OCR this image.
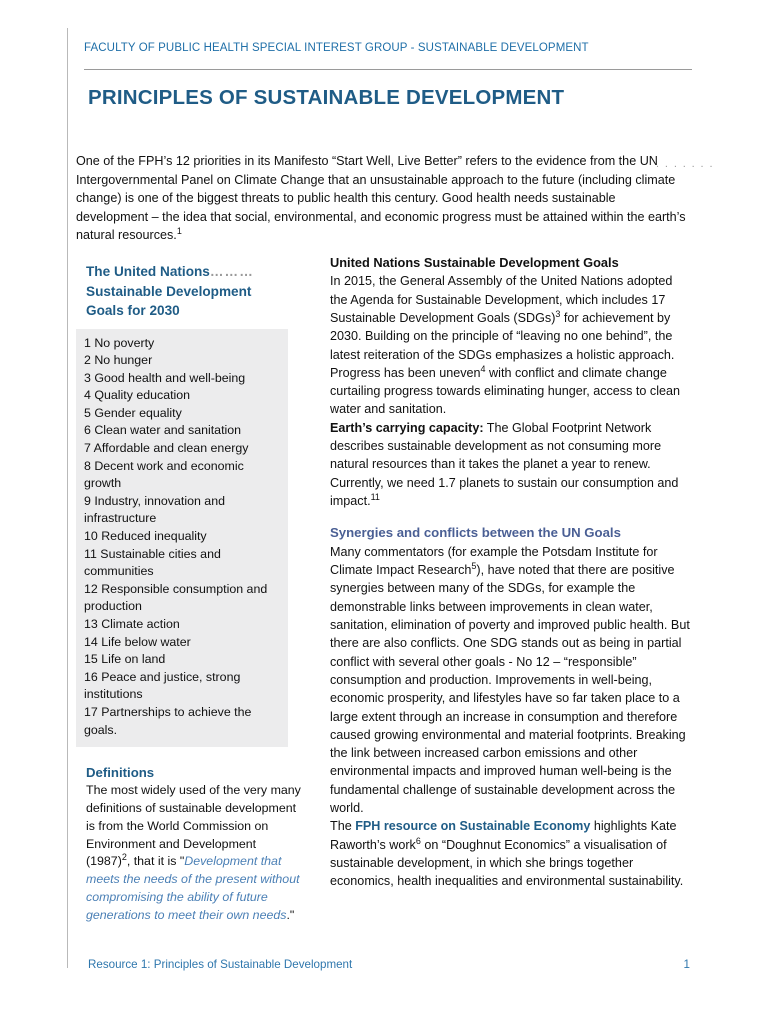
FACULTY OF PUBLIC HEALTH SPECIAL INTEREST GROUP - SUSTAINABLE DEVELOPMENT
PRINCIPLES OF SUSTAINABLE DEVELOPMENT
One of the FPH’s 12 priorities in its Manifesto “Start Well, Live Better” refers to the evidence from the UN Intergovernmental Panel on Climate Change that an unsustainable approach to the future (including climate change) is one of the biggest threats to public health this century. Good health needs sustainable development – the idea that social, environmental, and economic progress must be attained within the earth’s natural resources.$^1$
. . . . . . .
The United Nations………
Sustainable Development
Goals for 2030
1 No poverty
2 No hunger
3 Good health and well-being
4 Quality education
5 Gender equality
6 Clean water and sanitation
7 Affordable and clean energy
8 Decent work and economic growth
9 Industry, innovation and infrastructure
10 Reduced inequality
11 Sustainable cities and communities
12 Responsible consumption and production
13 Climate action
14 Life below water
15 Life on land
16 Peace and justice, strong institutions
17 Partnerships to achieve the goals.
Definitions
The most widely used of the very many definitions of sustainable development is from the World Commission on Environment and Development $(1987)^2$, that it is "Development that meets the needs of the present without compromising the ability of future generations to meet their own needs."
United Nations Sustainable Development Goals
In 2015, the General Assembly of the United Nations adopted the Agenda for Sustainable Development, which includes 17 Sustainable Development Goals (SDGs)$^3$ for achievement by 2030. Building on the principle of “leaving no one behind”, the latest reiteration of the SDGs emphasizes a holistic approach. Progress has been uneven$^4$ with conflict and climate change curtailing progress towards eliminating hunger, access to clean water and sanitation.
Earth’s carrying capacity: The Global Footprint Network describes sustainable development as not consuming more natural resources than it takes the planet a year to renew. Currently, we need 1.7 planets to sustain our consumption and impact.$^{11}$
Synergies and conflicts between the UN Goals
Many commentators (for example the Potsdam Institute for Climate Impact Research$^5$), have noted that there are positive synergies between many of the SDGs, for example the demonstrable links between improvements in clean water, sanitation, elimination of poverty and improved public health. But there are also conflicts. One SDG stands out as being in partial conflict with several other goals - No 12 – “responsible” consumption and production. Improvements in well-being, economic prosperity, and lifestyles have so far taken place to a large extent through an increase in consumption and therefore caused growing environmental and material footprints. Breaking the link between increased carbon emissions and other environmental impacts and improved human well-being is the fundamental challenge of sustainable development across the world.
The FPH resource on Sustainable Economy highlights Kate Raworth’s work$^6$ on “Doughnut Economics” a visualisation of sustainable development, in which she brings together economics, health inequalities and environmental sustainability.
Resource 1: Principles of Sustainable Development	1
